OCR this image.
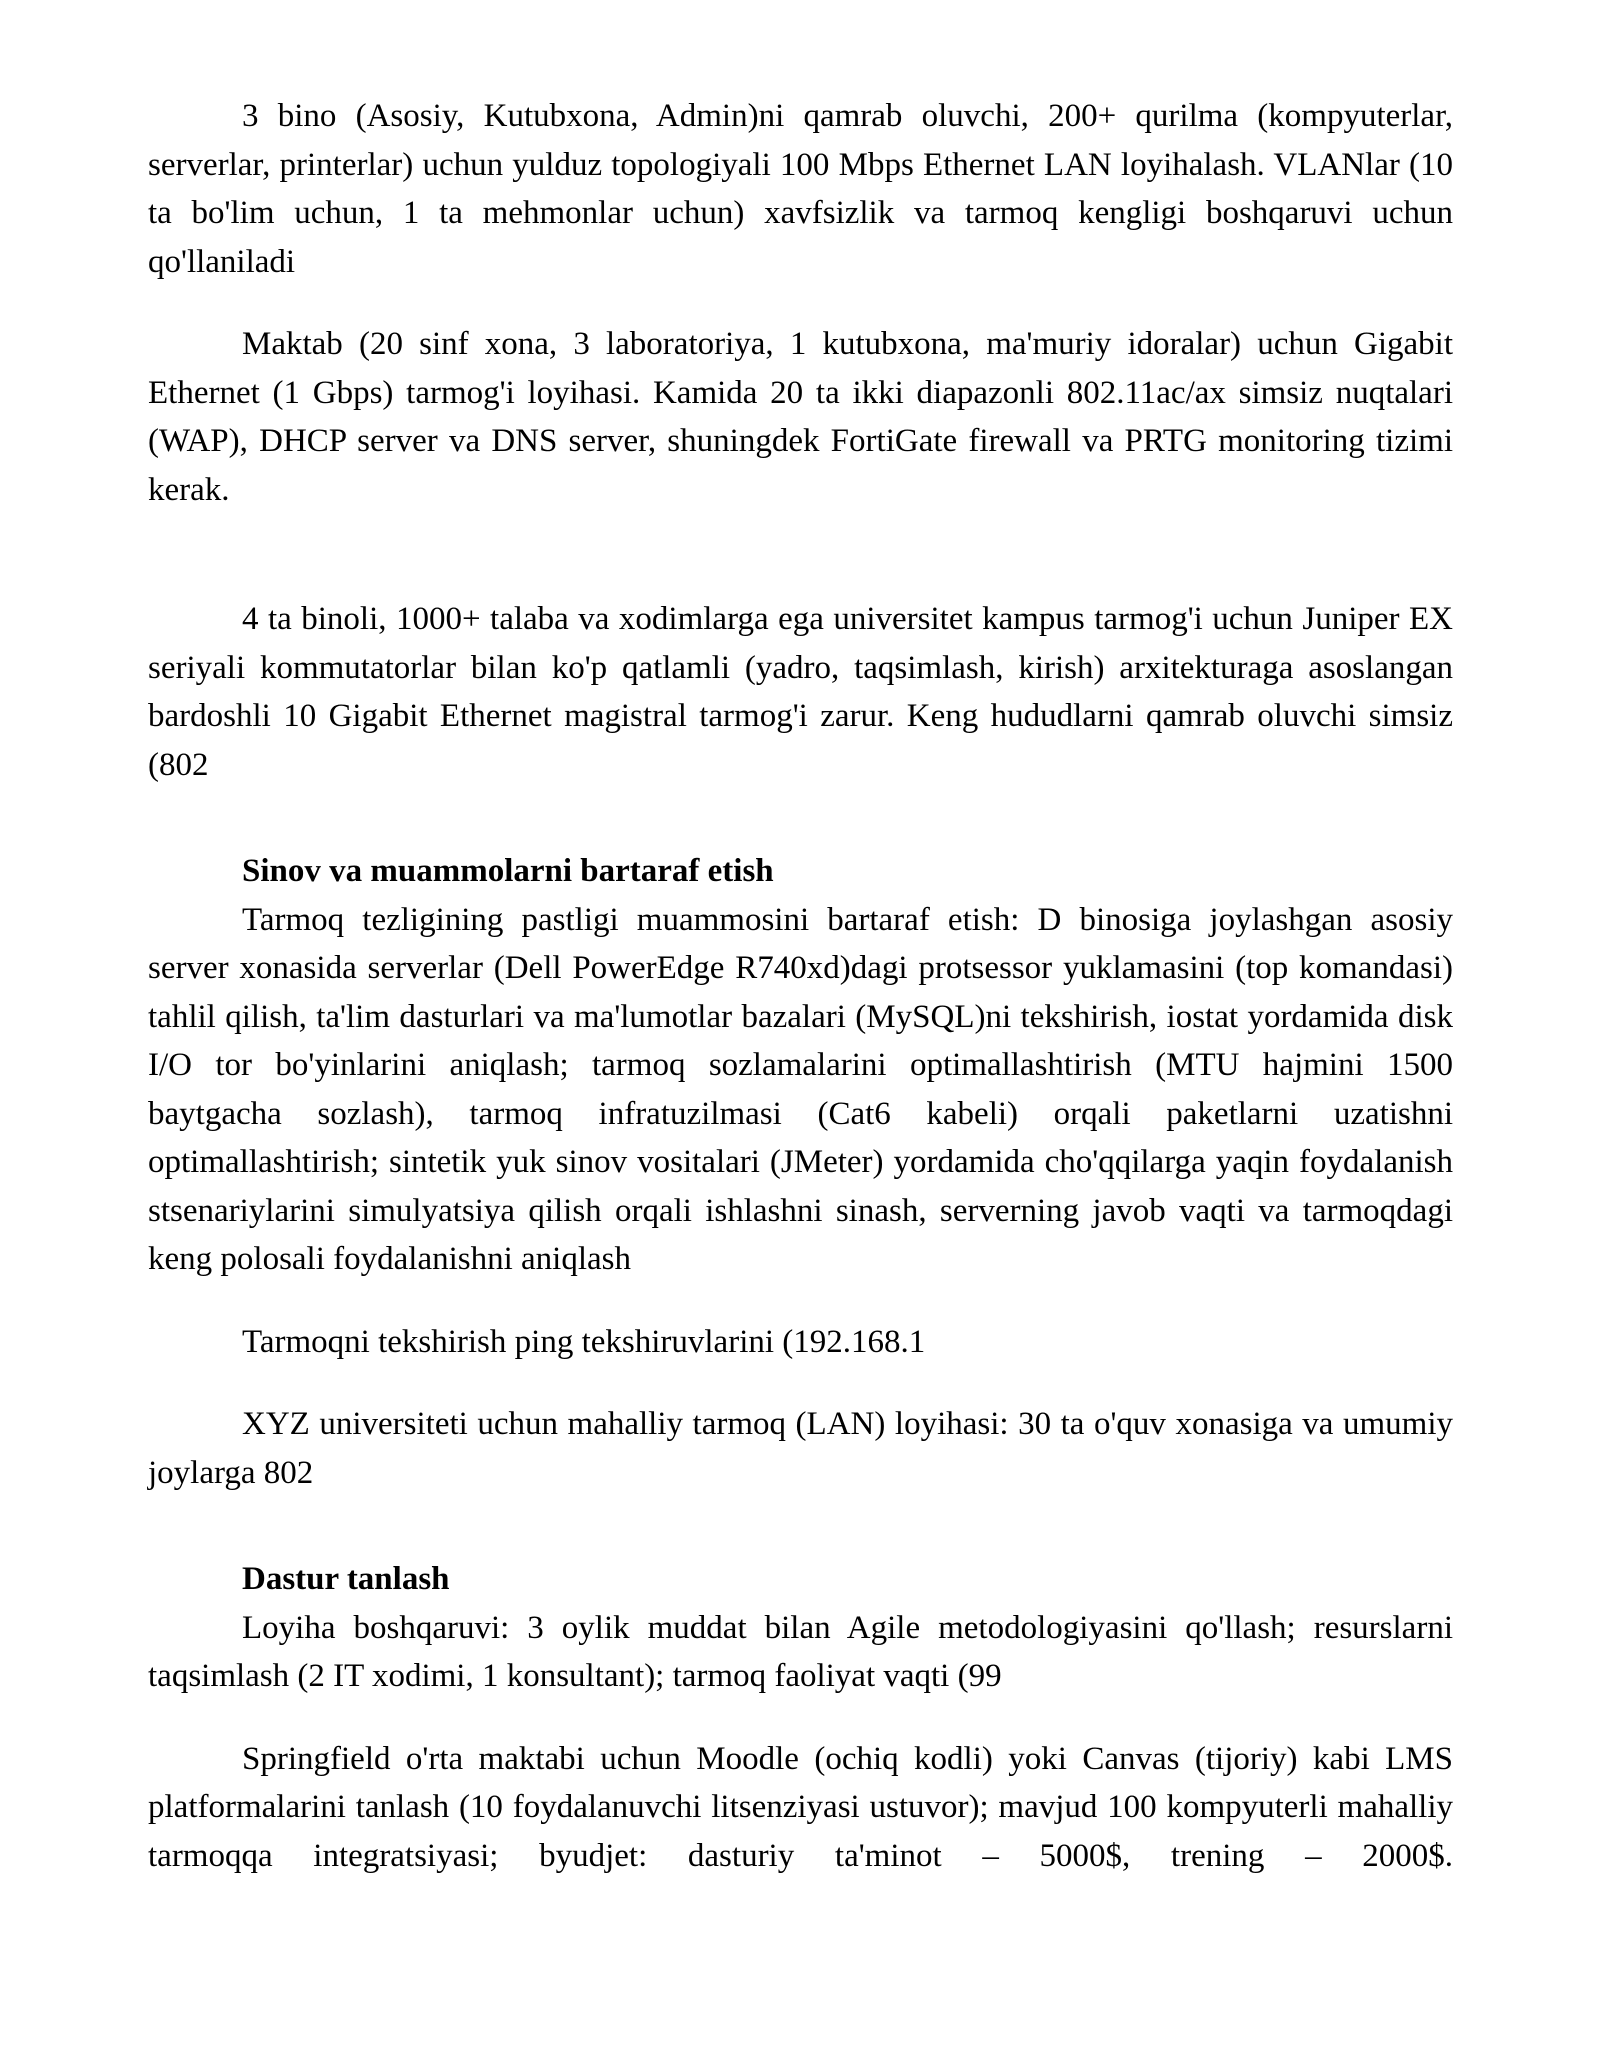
3 bino (Asosiy, Kutubxona, Admin)ni qamrab oluvchi, 200+ qurilma (kompyuterlar, serverlar, printerlar) uchun yulduz topologiyali 100 Mbps Ethernet LAN loyihalash. VLANlar (10 ta bo'lim uchun, 1 ta mehmonlar uchun) xavfsizlik va tarmoq kengligi boshqaruvi uchun qo'llaniladi

Maktab (20 sinf xona, 3 laboratoriya, 1 kutubxona, ma'muriy idoralar) uchun Gigabit Ethernet (1 Gbps) tarmog'i loyihasi. Kamida 20 ta ikki diapazonli 802.11ac/ax simsiz nuqtalari (WAP), DHCP server va DNS server, shuningdek FortiGate firewall va PRTG monitoring tizimi kerak.

4 ta binoli, 1000+ talaba va xodimlarga ega universitet kampus tarmog'i uchun Juniper EX seriyali kommutatorlar bilan ko'p qatlamli (yadro, taqsimlash, kirish) arxitekturaga asoslangan bardoshli 10 Gigabit Ethernet magistral tarmog'i zarur. Keng hududlarni qamrab oluvchi simsiz (802

Sinov va muammolarni bartaraf etish

Tarmoq tezligining pastligi muammosini bartaraf etish: D binosiga joylashgan asosiy server xonasida serverlar (Dell PowerEdge R740xd)dagi protsessor yuklamasini (top komandasi) tahlil qilish, ta'lim dasturlari va ma'lumotlar bazalari (MySQL)ni tekshirish, iostat yordamida disk I/O tor bo'yinlarini aniqlash; tarmoq sozlamalarini optimallashtirish (MTU hajmini 1500 baytgacha sozlash), tarmoq infratuzilmasi (Cat6 kabeli) orqali paketlarni uzatishni optimallashtirish; sintetik yuk sinov vositalari (JMeter) yordamida cho'qqilarga yaqin foydalanish stsenariylarini simulyatsiya qilish orqali ishlashni sinash, serverning javob vaqti va tarmoqdagi keng polosali foydalanishni aniqlash

Tarmoqni tekshirish ping tekshiruvlarini (192.168.1

XYZ universiteti uchun mahalliy tarmoq (LAN) loyihasi: 30 ta o'quv xonasiga va umumiy joylarga 802

Dastur tanlash

Loyiha boshqaruvi: 3 oylik muddat bilan Agile metodologiyasini qo'llash; resurslarni taqsimlash (2 IT xodimi, 1 konsultant); tarmoq faoliyat vaqti (99

Springfield o'rta maktabi uchun Moodle (ochiq kodli) yoki Canvas (tijoriy) kabi LMS platformalarini tanlash (10 foydalanuvchi litsenziyasi ustuvor); mavjud 100 kompyuterli mahalliy tarmoqqa integratsiyasi; byudjet: dasturiy ta'minot – 5000$, trening – 2000$.
